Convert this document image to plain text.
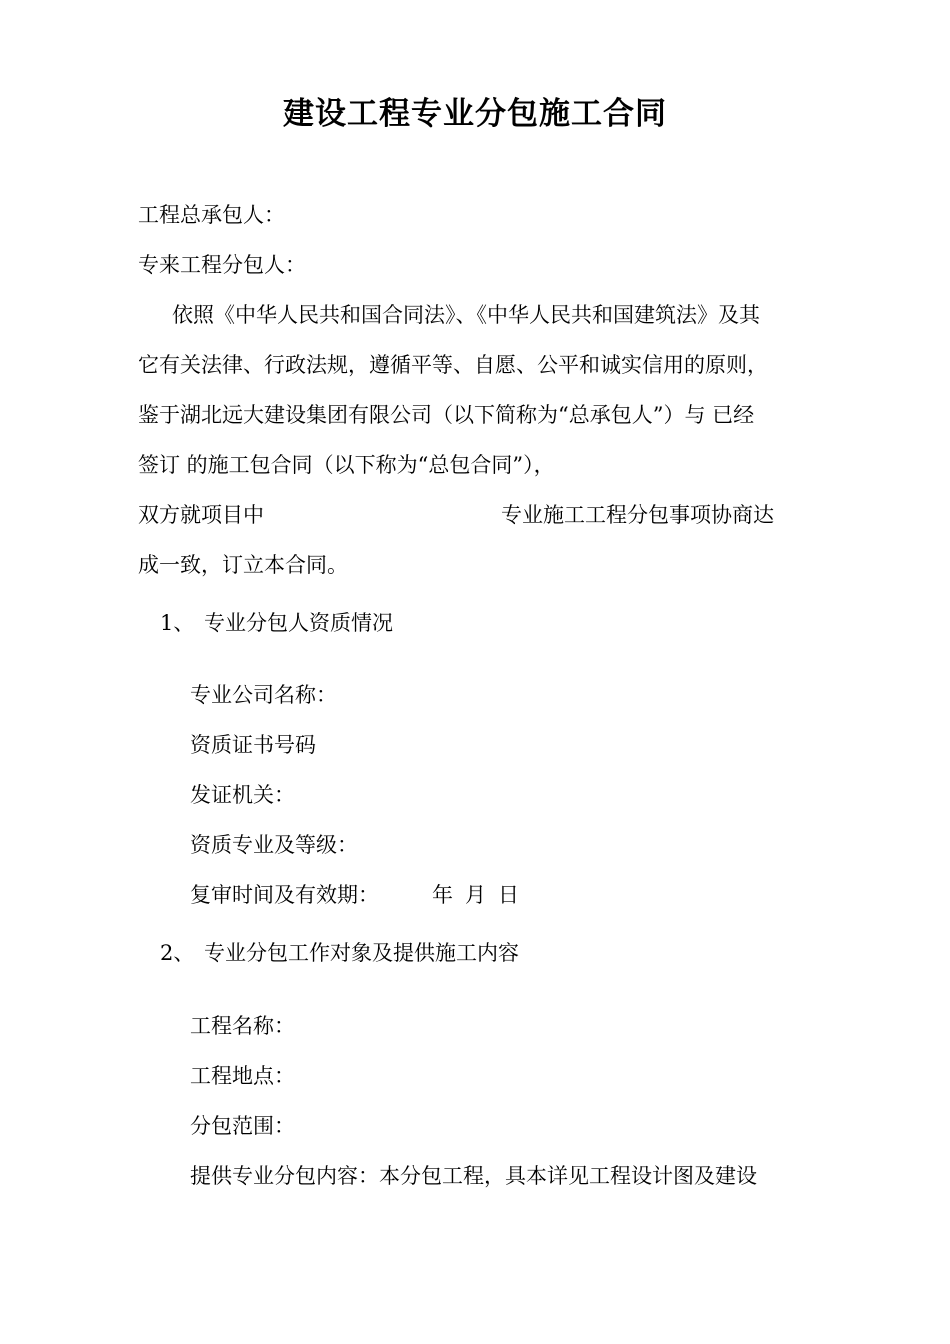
建设工程专业分包施工合同
工程总承包人：
专来工程分包人：
依照《中华人民共和国合同法》、《中华人民共和国建筑法》及其
它有关法律、行政法规，遵循平等、自愿、公平和诚实信用的原则，
鉴于湖北远大建设集团有限公司（以下简称为“总承包人”）与 已经
签订 的施工包合同（以下称为“总包合同”），
双方就项目中	专业施工工程分包事项协商达
成一致，订立本合同。
1、 专业分包人资质情况
专业公司名称：
资质证书号码
发证机关：
资质专业及等级：
复审时间及有效期：	年 月 日
2、 专业分包工作对象及提供施工内容
工程名称：
工程地点：
分包范围：
提供专业分包内容：本分包工程，具本详见工程设计图及建设
